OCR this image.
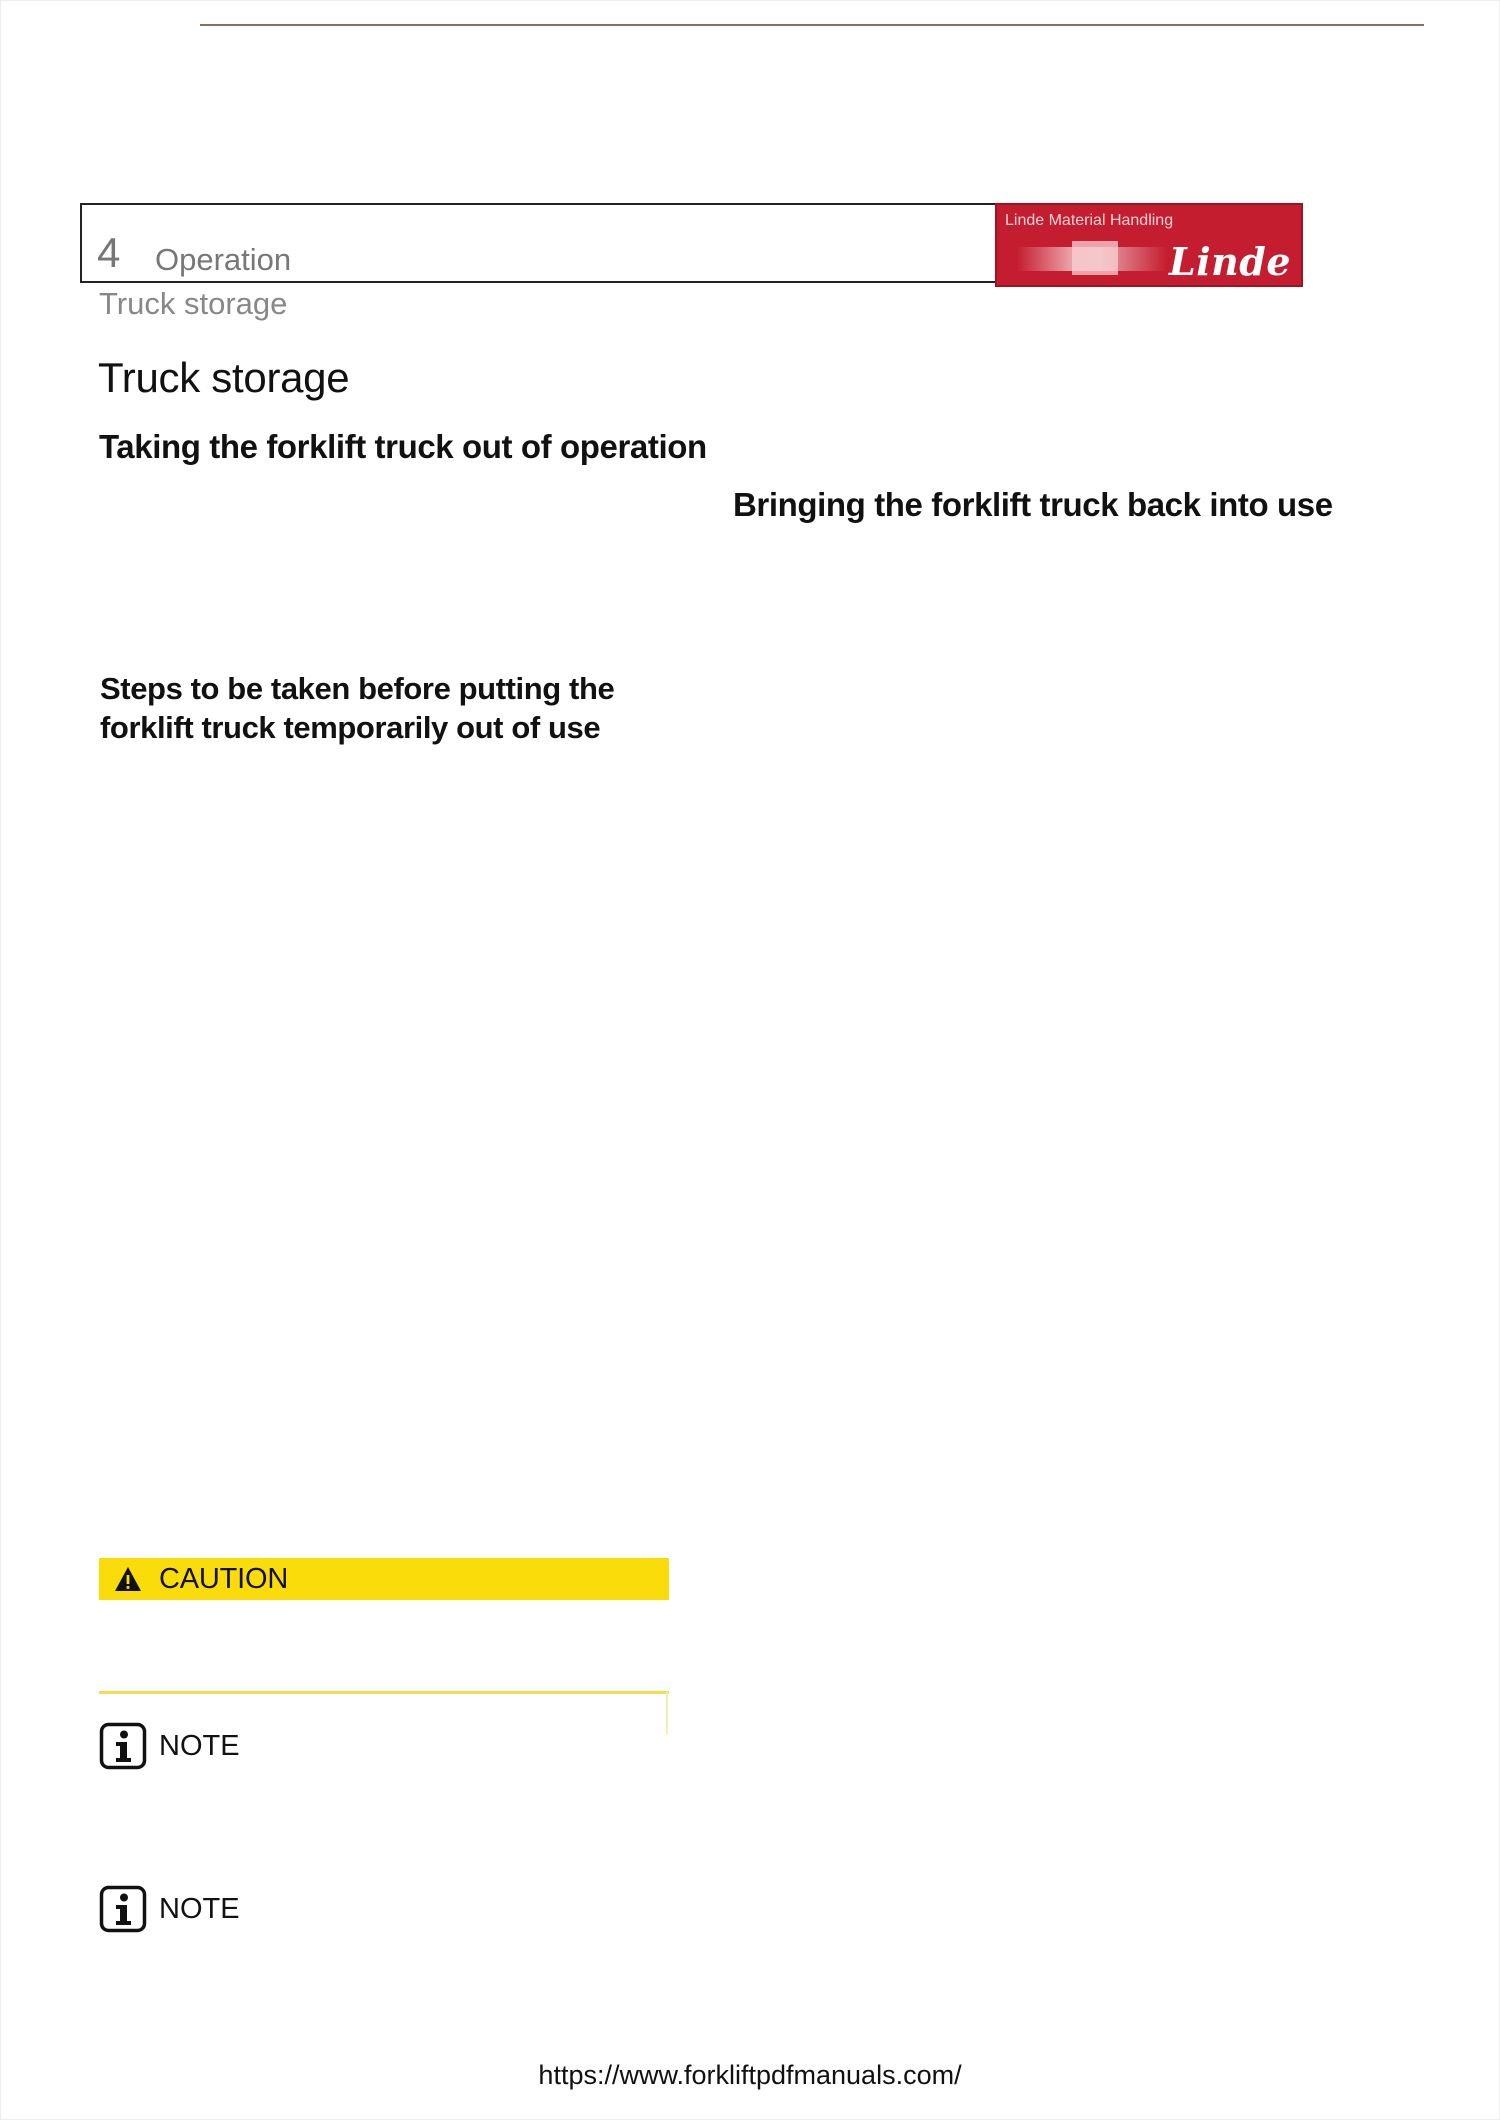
4 Operation
Linde Material Handling
Linde
Truck storage
Truck storage
Taking the forklift truck out of operation
Bringing the forklift truck back into use
Steps to be taken before putting the forklift truck temporarily out of use
CAUTION
NOTE
NOTE
https://www.forkliftpdfmanuals.com/
